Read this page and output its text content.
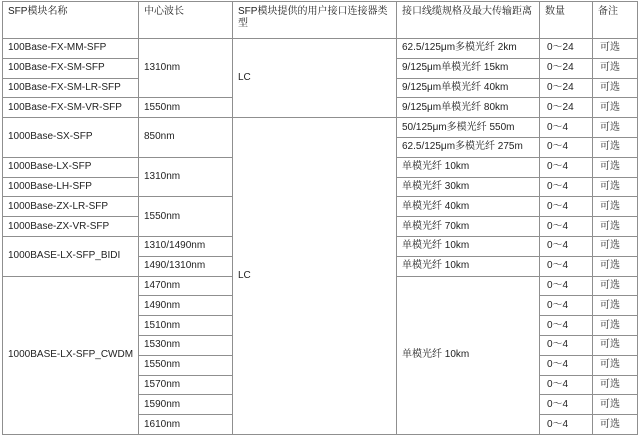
SFP模块名称	中心波长	SFP模块提供的用户接口连接器类型	接口线缆规格及最大传输距离	数量	备注
100Base-FX-MM-SFP	1310nm	LC	62.5/125μm多模光纤 2km	0～24	可选
100Base-FX-SM-SFP			9/125μm单模光纤 15km	0～24	可选
100Base-FX-SM-LR-SFP			9/125μm单模光纤 40km	0～24	可选
100Base-FX-SM-VR-SFP	1550nm		9/125μm单模光纤 80km	0～24	可选
1000Base-SX-SFP	850nm	LC	50/125μm多模光纤 550m	0～4	可选
			62.5/125μm多模光纤 275m	0～4	可选
1000Base-LX-SFP	1310nm		单模光纤 10km	0～4	可选
1000Base-LH-SFP			单模光纤 30km	0～4	可选
1000Base-ZX-LR-SFP	1550nm		单模光纤 40km	0～4	可选
1000Base-ZX-VR-SFP			单模光纤 70km	0～4	可选
1000BASE-LX-SFP_BIDI	1310/1490nm		单模光纤 10km	0～4	可选
	1490/1310nm		单模光纤 10km	0～4	可选
1000BASE-LX-SFP_CWDM	1470nm		单模光纤 10km	0～4	可选
	1490nm			0～4	可选
	1510nm			0～4	可选
	1530nm			0～4	可选
	1550nm			0～4	可选
	1570nm			0～4	可选
	1590nm			0～4	可选
	1610nm			0～4	可选
